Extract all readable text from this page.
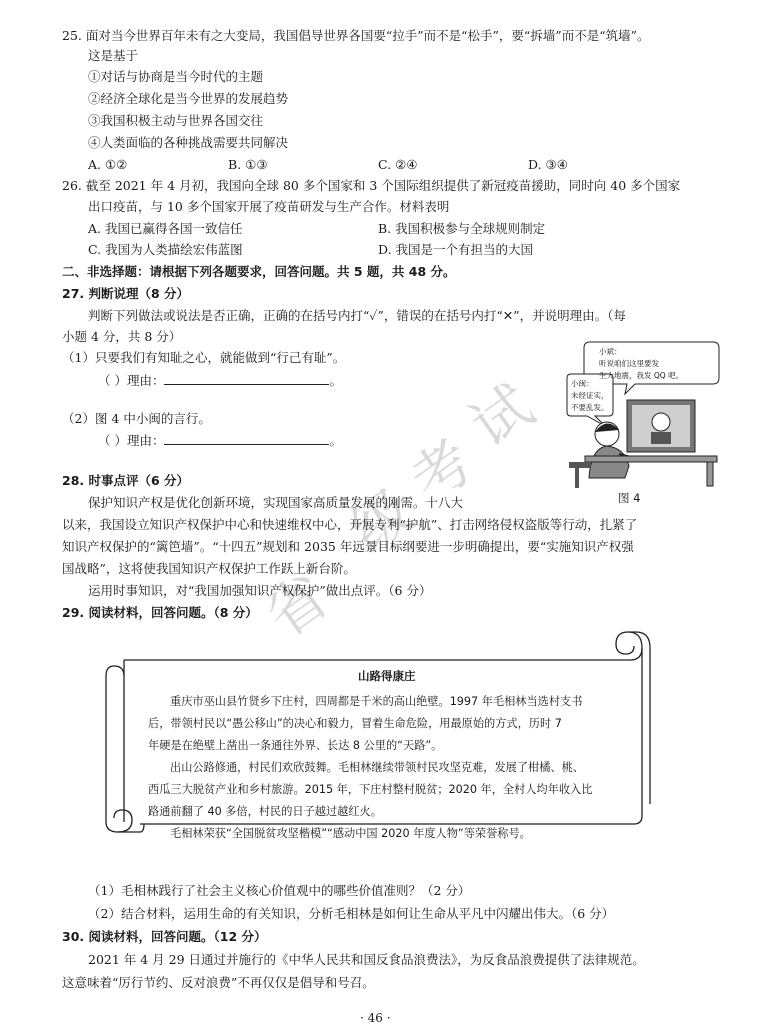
省
级
考
试
25. 面对当今世界百年未有之大变局，我国倡导世界各国要“拉手”而不是“松手”，要“拆墙”而不是“筑墙”。
这是基于
①对话与协商是当今时代的主题
②经济全球化是当今世界的发展趋势
③我国积极主动与世界各国交往
④人类面临的各种挑战需要共同解决
A. ①②	B. ①③	C. ②④	D. ③④
26. 截至 2021 年 4 月初，我国向全球 80 多个国家和 3 个国际组织提供了新冠疫苗援助，同时向 40 多个国家
出口疫苗，与 10 多个国家开展了疫苗研发与生产合作。材料表明
A. 我国已赢得各国一致信任	B. 我国积极参与全球规则制定
C. 我国为人类描绘宏伟蓝图	D. 我国是一个有担当的大国
二、非选择题：请根据下列各题要求，回答问题。共 5 题，共 48 分。
27. 判断说理（8 分）
判断下列做法或说法是否正确，正确的在括号内打“✓”，错误的在括号内打“✕”，并说明理由。（每
小题 4 分，共 8 分）
（1）只要我们有知耻之心，就能做到“行己有耻”。
（ ）理由：	。
（2）图 4 中小闽的言行。
（ ）理由：	。
小斌：
听说咱们这里要发
生大地震，我发 QQ 吧。
小闽：
未经证实，
不要乱发。
图 4
28. 时事点评（6 分）
保护知识产权是优化创新环境，实现国家高质量发展的刚需。十八大
以来，我国设立知识产权保护中心和快速维权中心，开展专利“护航”、打击网络侵权盗版等行动，扎紧了
知识产权保护的“篱笆墙”。“十四五”规划和 2035 年远景目标纲要进一步明确提出，要“实施知识产权强
国战略”，这将使我国知识产权保护工作跃上新台阶。
运用时事知识，对“我国加强知识产权保护”做出点评。（6 分）
29. 阅读材料，回答问题。（8 分）
山路得康庄
重庆市巫山县竹贤乡下庄村，四周都是千米的高山绝壁。1997 年毛相林当选村支书
后，带领村民以“愚公移山”的决心和毅力，冒着生命危险，用最原始的方式，历时 7
年硬是在绝壁上凿出一条通往外界、长达 8 公里的“天路”。
出山公路修通，村民们欢欣鼓舞。毛相林继续带领村民攻坚克难，发展了柑橘、桃、
西瓜三大脱贫产业和乡村旅游。2015 年，下庄村整村脱贫；2020 年，全村人均年收入比
路通前翻了 40 多倍，村民的日子越过越红火。
毛相林荣获“全国脱贫攻坚楷模”“感动中国 2020 年度人物”等荣誉称号。
（1）毛相林践行了社会主义核心价值观中的哪些价值准则？（2 分）
（2）结合材料，运用生命的有关知识，分析毛相林是如何让生命从平凡中闪耀出伟大。（6 分）
30. 阅读材料，回答问题。（12 分）
2021 年 4 月 29 日通过并施行的《中华人民共和国反食品浪费法》，为反食品浪费提供了法律规范。
这意味着“厉行节约、反对浪费”不再仅仅是倡导和号召。
· 46 ·
